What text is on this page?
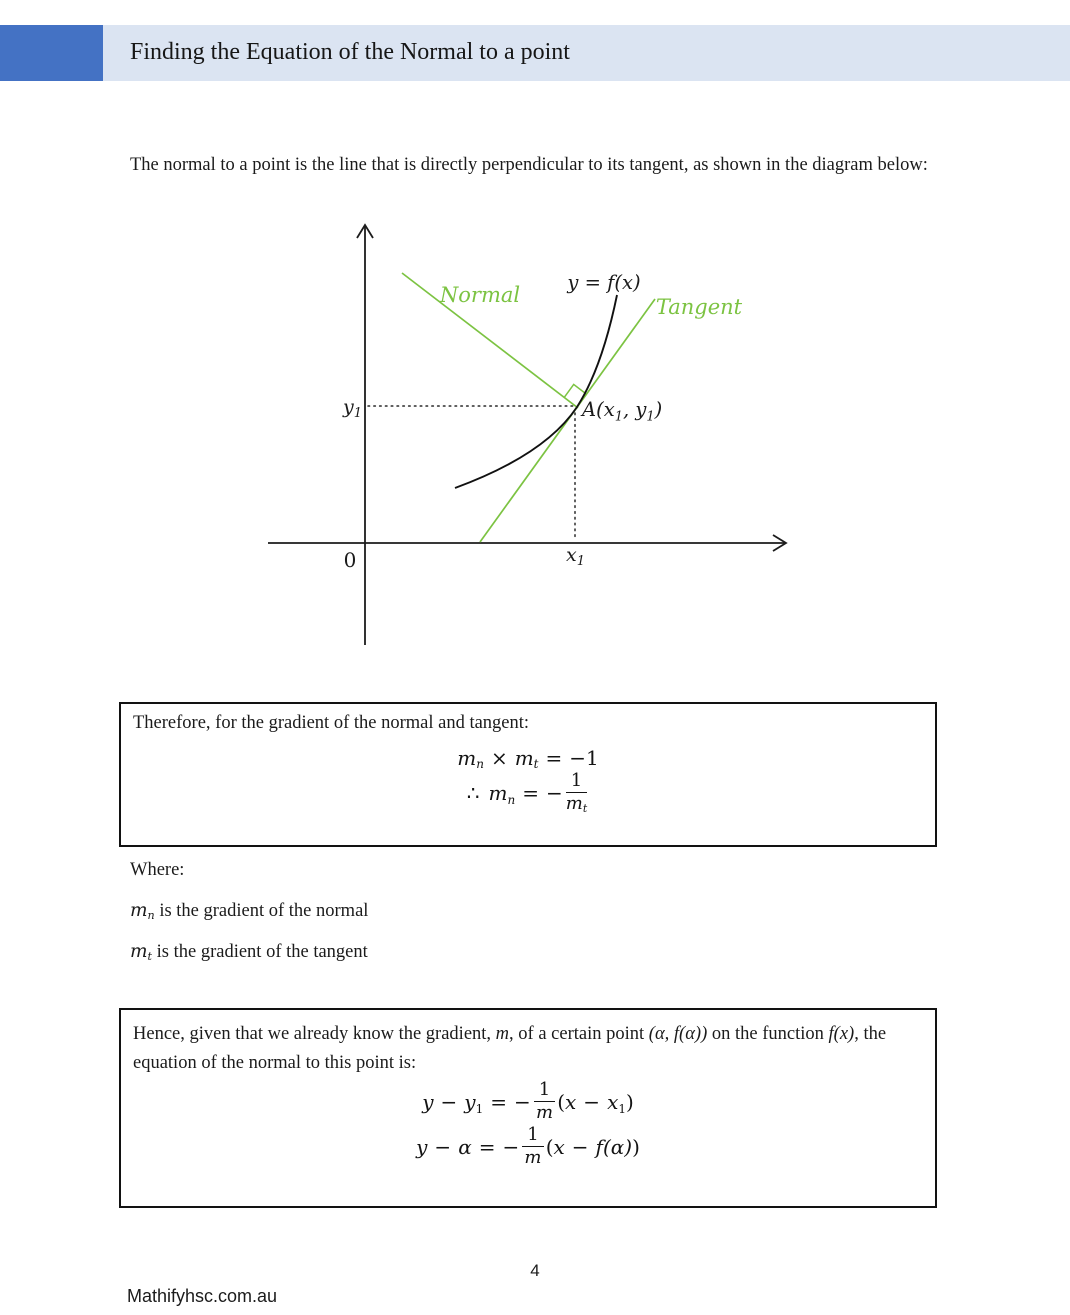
Finding the Equation of the Normal to a point

The normal to a point is the line that is directly perpendicular to its tangent, as shown in the diagram below:

Normal	Tangent
y = f(x)
0
$y_1$
$x_1$
$A(x_1$, $y_1$)

Therefore, for the gradient of the normal and tangent:

$m_n \times m_t = -1$
∴ $m_n$ = − $\frac{1}{m_t}$

Where:

$m_n$ is the gradient of the normal

$m_t$ is the gradient of the tangent

Hence, given that we already know the gradient, m, of a certain point (α, f(α)) on the function f(x), the equation of the normal to this point is:

$y - y_1$ = − $\frac{1}{m} (x - x_1)$
y − α = − $\frac{1}{m} (x - f(\alpha))$
4
Mathifyhsc.com.au
